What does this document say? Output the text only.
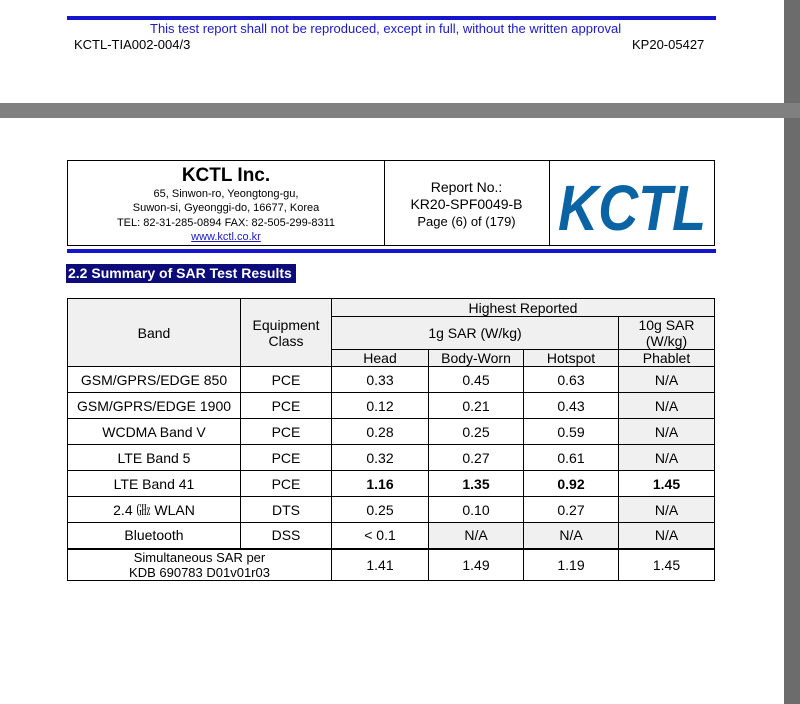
This test report shall not be reproduced, except in full, without the written approval
KCTL-TIA002-004/3	KP20-05427
KCTL Inc.
65, Sinwon-ro, Yeongtong-gu,
Suwon-si, Gyeonggi-do, 16677, Korea
TEL: 82-31-285-0894 FAX: 82-505-299-8311
www.kctl.co.kr
Report No.:
KR20-SPF0049-B
Page (6) of (179) KCTL
2.2 Summary of SAR Test Results
Band	Equipment Class	Highest Reported			
		1g SAR (W/kg)			10g SAR (W/kg)
		Head	Body-Worn	Hotspot	Phablet
GSM/GPRS/EDGE 850	PCE	0.33	0.45	0.63	N/A
GSM/GPRS/EDGE 1900	PCE	0.12	0.21	0.43	N/A
WCDMA Band V	PCE	0.28	0.25	0.59	N/A
LTE Band 5	PCE	0.32	0.27	0.61	N/A
LTE Band 41	PCE	1.16	1.35	0.92	1.45
2.4 ㎓ WLAN	DTS	0.25	0.10	0.27	N/A
Bluetooth	DSS	< 0.1	N/A	N/A	N/A

Simultaneous SAR per
KDB 690783 D01v01r03		1.41	1.49	1.19	1.45
